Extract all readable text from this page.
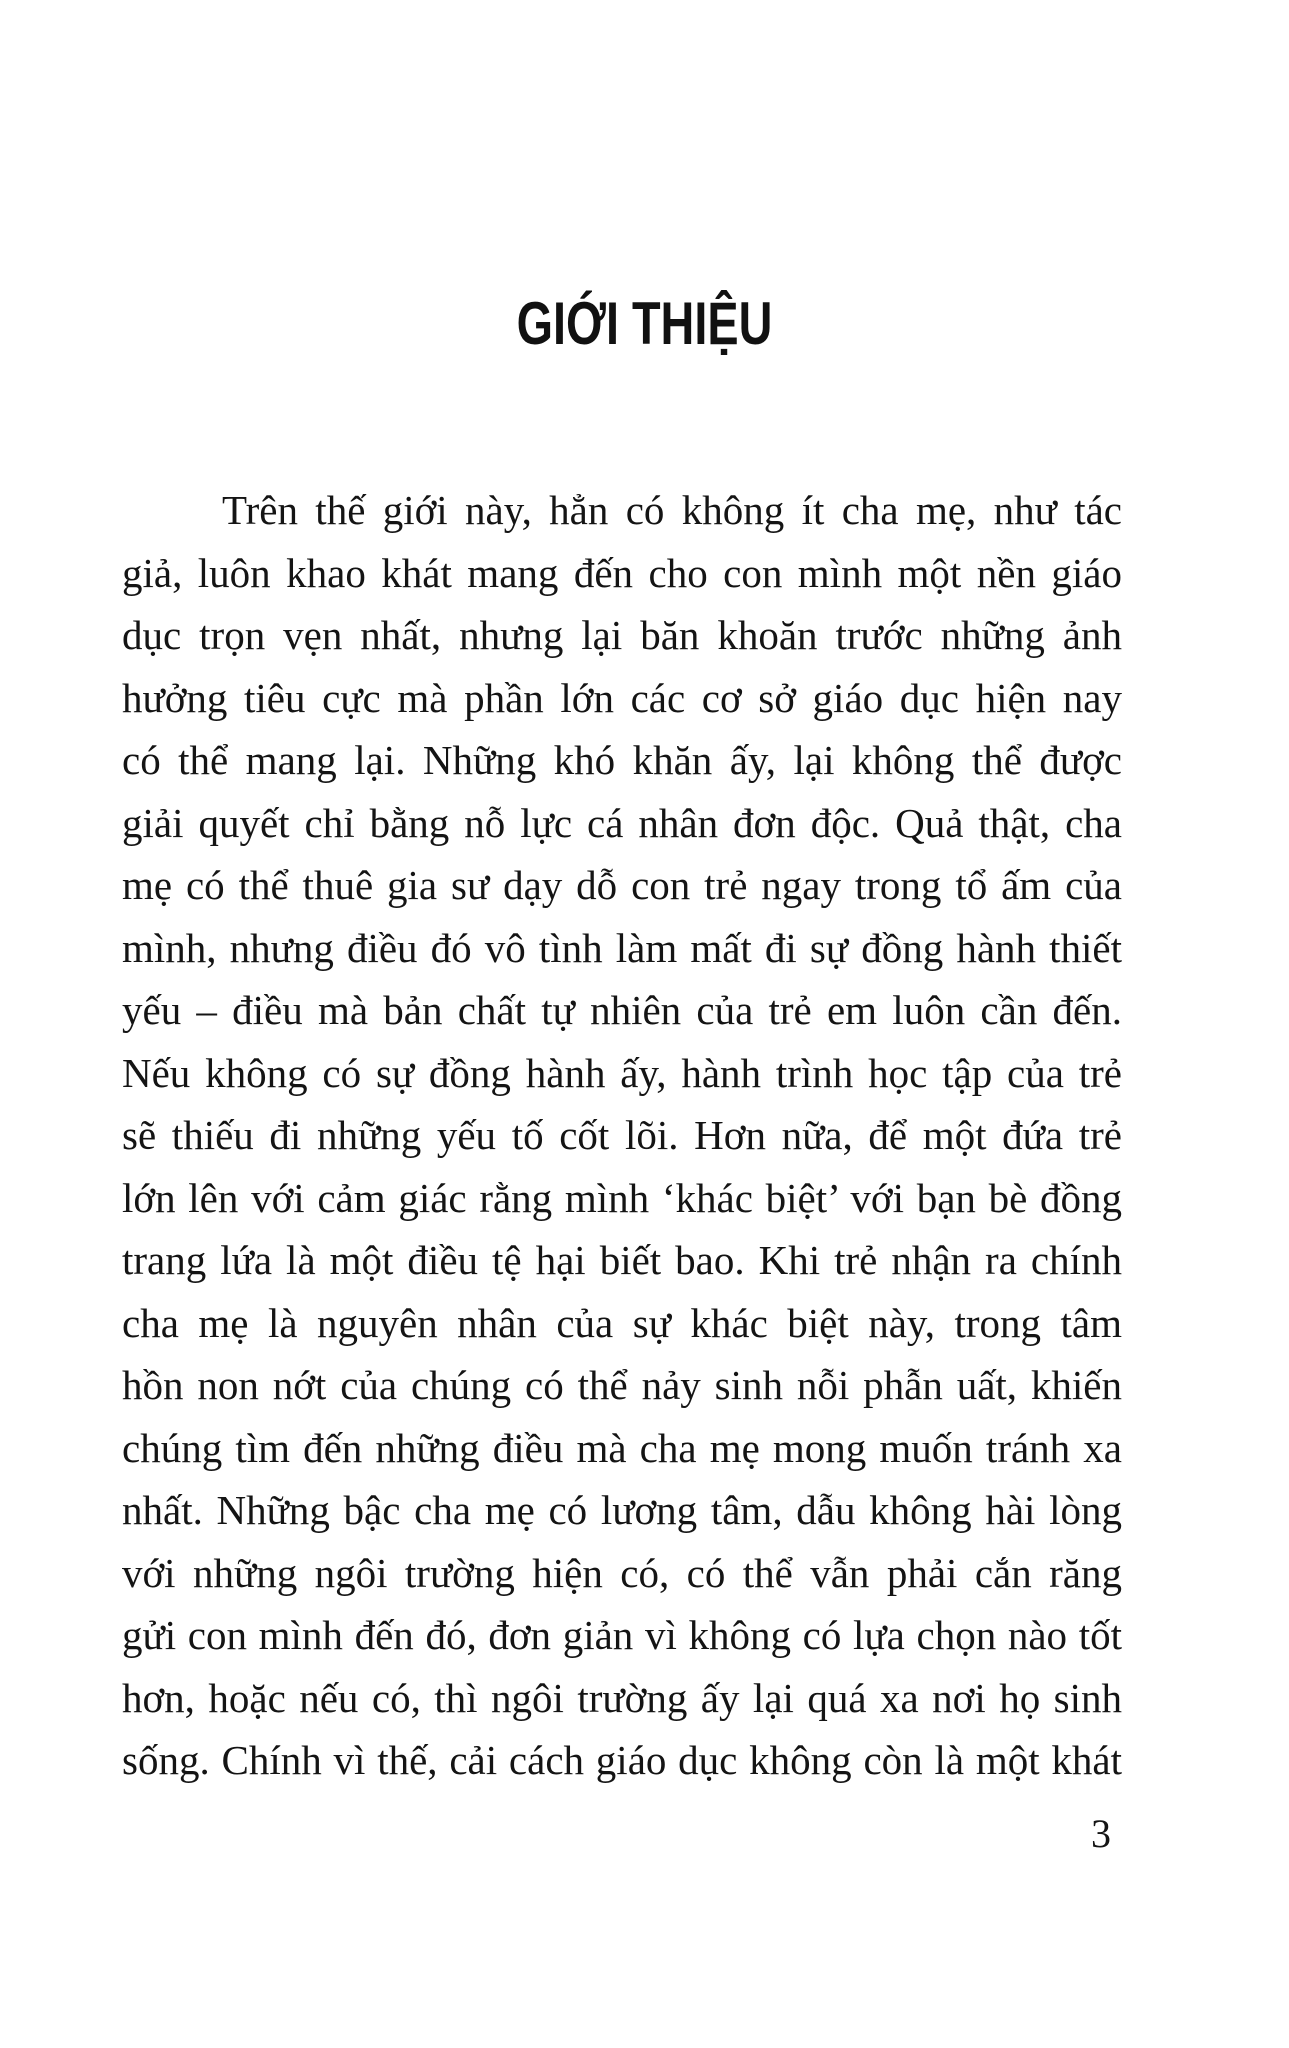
GIỚI THIỆU
Trên thế giới này, hẳn có không ít cha mẹ, như tác
giả, luôn khao khát mang đến cho con mình một nền giáo
dục trọn vẹn nhất, nhưng lại băn khoăn trước những ảnh
hưởng tiêu cực mà phần lớn các cơ sở giáo dục hiện nay
có thể mang lại. Những khó khăn ấy, lại không thể được
giải quyết chỉ bằng nỗ lực cá nhân đơn độc. Quả thật, cha
mẹ có thể thuê gia sư dạy dỗ con trẻ ngay trong tổ ấm của
mình, nhưng điều đó vô tình làm mất đi sự đồng hành thiết
yếu – điều mà bản chất tự nhiên của trẻ em luôn cần đến.
Nếu không có sự đồng hành ấy, hành trình học tập của trẻ
sẽ thiếu đi những yếu tố cốt lõi. Hơn nữa, để một đứa trẻ
lớn lên với cảm giác rằng mình ‘khác biệt’ với bạn bè đồng
trang lứa là một điều tệ hại biết bao. Khi trẻ nhận ra chính
cha mẹ là nguyên nhân của sự khác biệt này, trong tâm
hồn non nớt của chúng có thể nảy sinh nỗi phẫn uất, khiến
chúng tìm đến những điều mà cha mẹ mong muốn tránh xa
nhất. Những bậc cha mẹ có lương tâm, dẫu không hài lòng
với những ngôi trường hiện có, có thể vẫn phải cắn răng
gửi con mình đến đó, đơn giản vì không có lựa chọn nào tốt
hơn, hoặc nếu có, thì ngôi trường ấy lại quá xa nơi họ sinh
sống. Chính vì thế, cải cách giáo dục không còn là một khát
3
